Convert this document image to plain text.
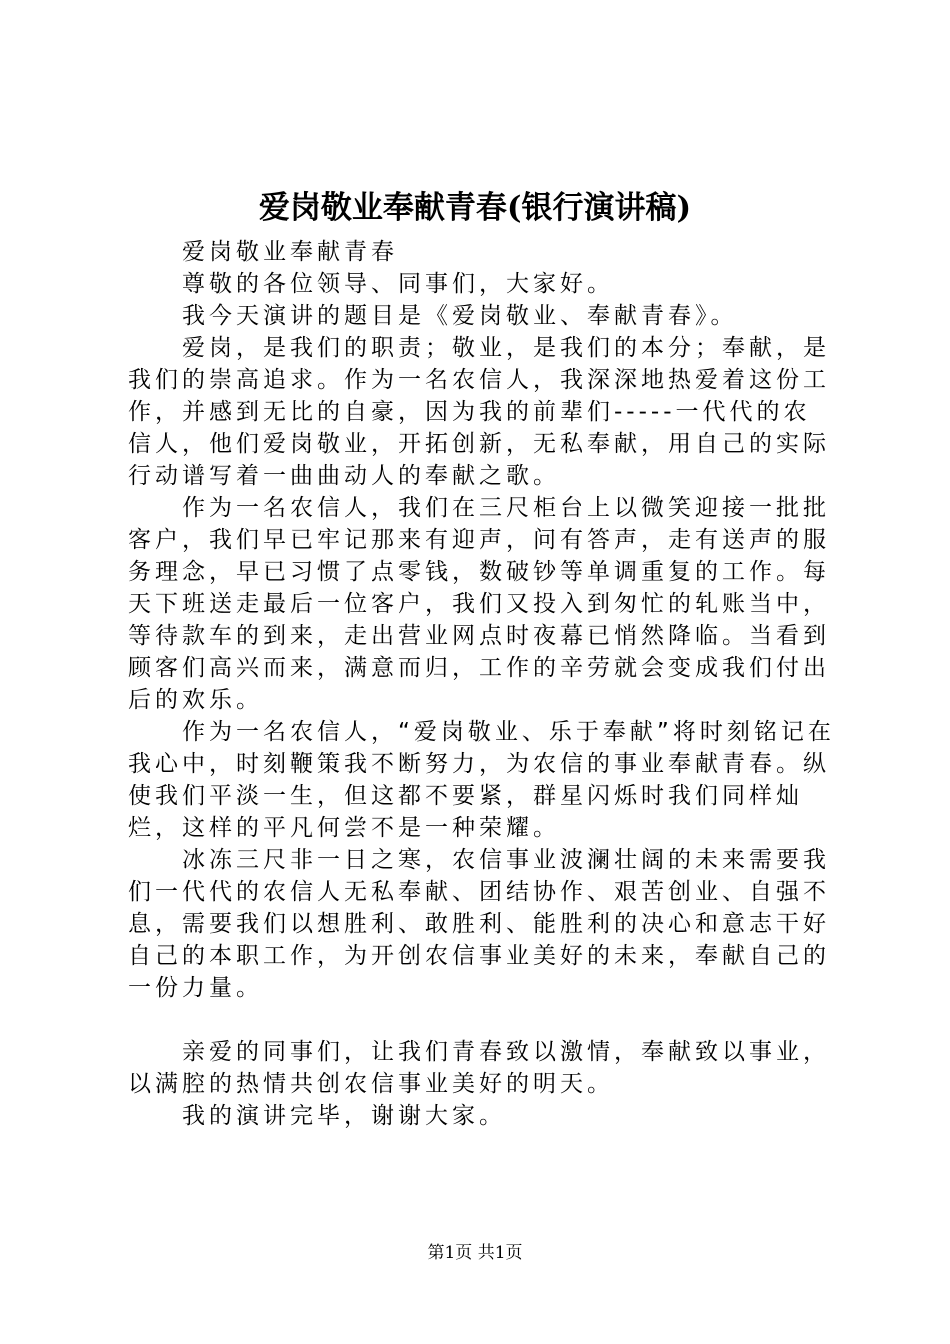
爱岗敬业奉献青春(银行演讲稿)

爱岗敬业奉献青春

尊敬的各位领导、同事们，大家好。

我今天演讲的题目是《爱岗敬业、奉献青春》。

爱岗，是我们的职责；敬业，是我们的本分；奉献，是我们的崇高追求。作为一名农信人，我深深地热爱着这份工作，并感到无比的自豪，因为我的前辈们-----一代代的农信人，他们爱岗敬业，开拓创新，无私奉献，用自己的实际行动谱写着一曲曲动人的奉献之歌。

作为一名农信人，我们在三尺柜台上以微笑迎接一批批客户，我们早已牢记那来有迎声，问有答声，走有送声的服务理念，早已习惯了点零钱，数破钞等单调重复的工作。每天下班送走最后一位客户，我们又投入到匆忙的轧账当中，等待款车的到来，走出营业网点时夜幕已悄然降临。当看到顾客们高兴而来，满意而归，工作的辛劳就会变成我们付出后的欢乐。

作为一名农信人，“爱岗敬业、乐于奉献”将时刻铭记在我心中，时刻鞭策我不断努力，为农信的事业奉献青春。纵使我们平淡一生，但这都不要紧，群星闪烁时我们同样灿烂，这样的平凡何尝不是一种荣耀。

冰冻三尺非一日之寒，农信事业波澜壮阔的未来需要我们一代代的农信人无私奉献、团结协作、艰苦创业、自强不息，需要我们以想胜利、敢胜利、能胜利的决心和意志干好自己的本职工作，为开创农信事业美好的未来，奉献自己的一份力量。

亲爱的同事们，让我们青春致以激情，奉献致以事业，以满腔的热情共创农信事业美好的明天。

我的演讲完毕，谢谢大家。

第1页 共1页
